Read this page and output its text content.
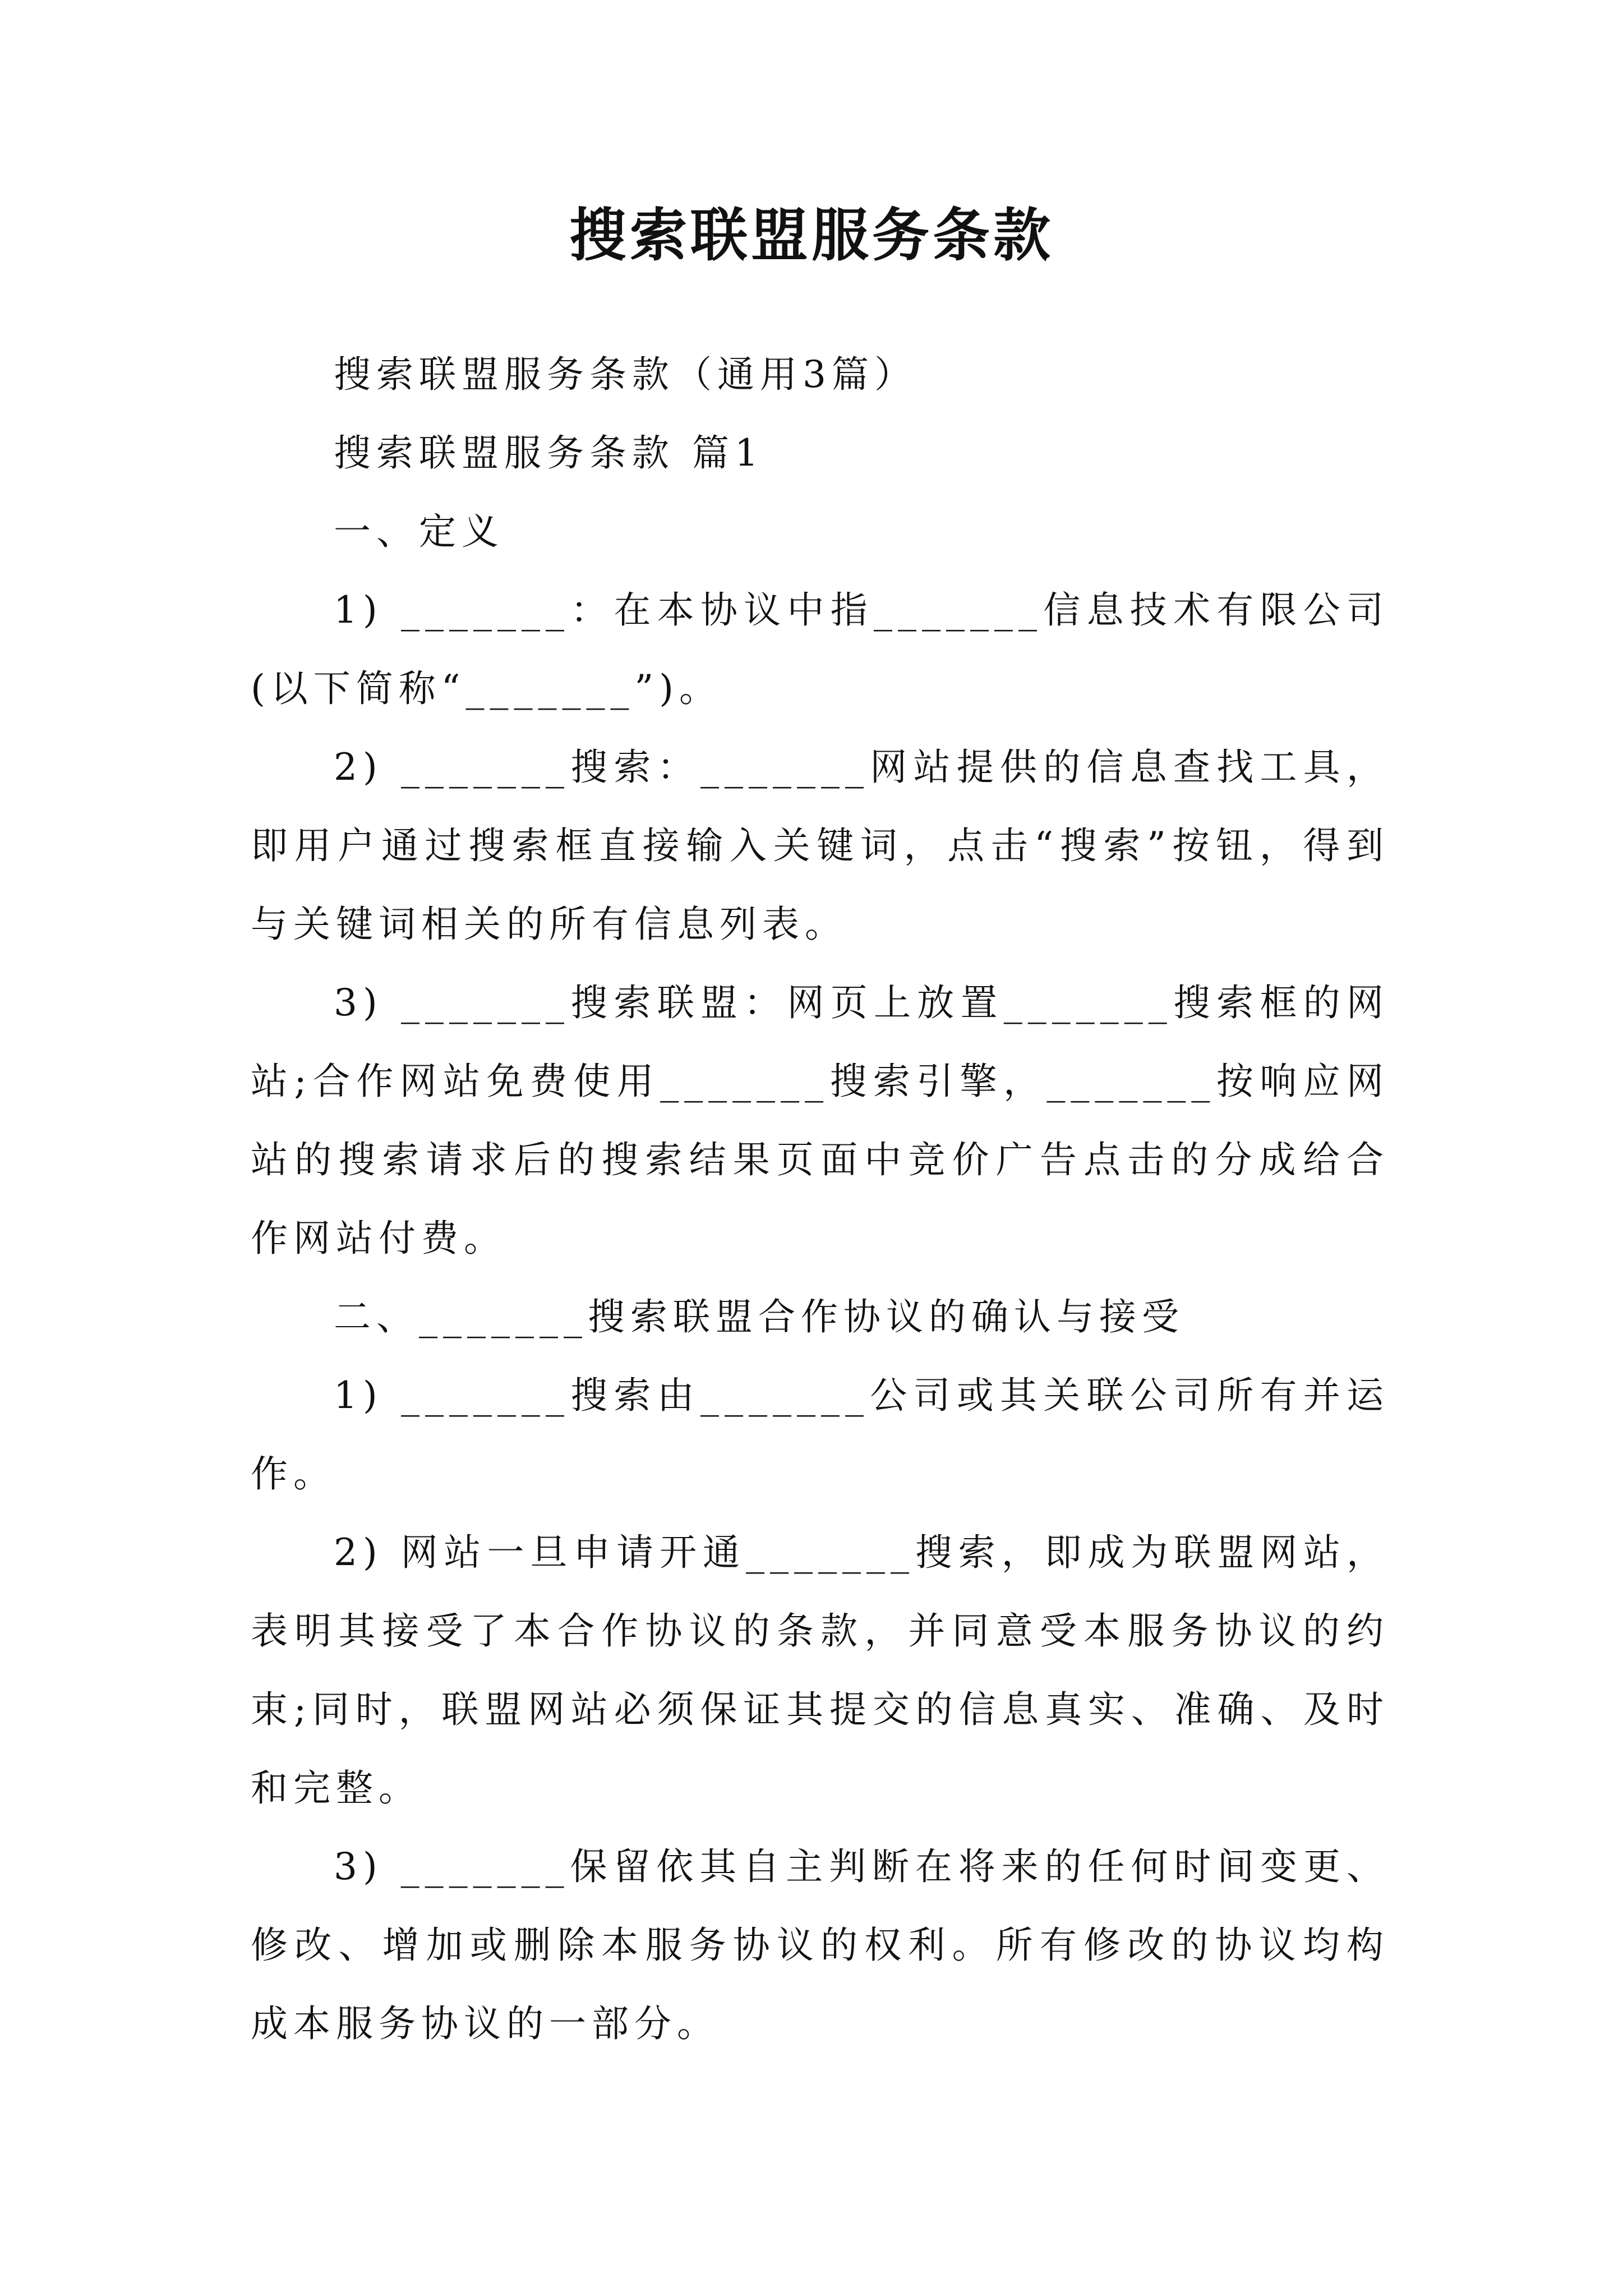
搜索联盟服务条款

搜索联盟服务条款（通用3篇）

搜索联盟服务条款 篇1

一、定义

1) _______：在本协议中指_______信息技术有限公司(以下简称“_______”)。

2) _______搜索：_______网站提供的信息查找工具，即用户通过搜索框直接输入关键词，点击“搜索”按钮，得到与关键词相关的所有信息列表。

3) _______搜索联盟：网页上放置_______搜索框的网站;合作网站免费使用_______搜索引擎，_______按响应网站的搜索请求后的搜索结果页面中竞价广告点击的分成给合作网站付费。

二、_______搜索联盟合作协议的确认与接受

1) _______搜索由_______公司或其关联公司所有并运作。

2) 网站一旦申请开通_______搜索，即成为联盟网站，表明其接受了本合作协议的条款，并同意受本服务协议的约束;同时，联盟网站必须保证其提交的信息真实、准确、及时和完整。

3) _______保留依其自主判断在将来的任何时间变更、修改、增加或删除本服务协议的权利。所有修改的协议均构成本服务协议的一部分。
